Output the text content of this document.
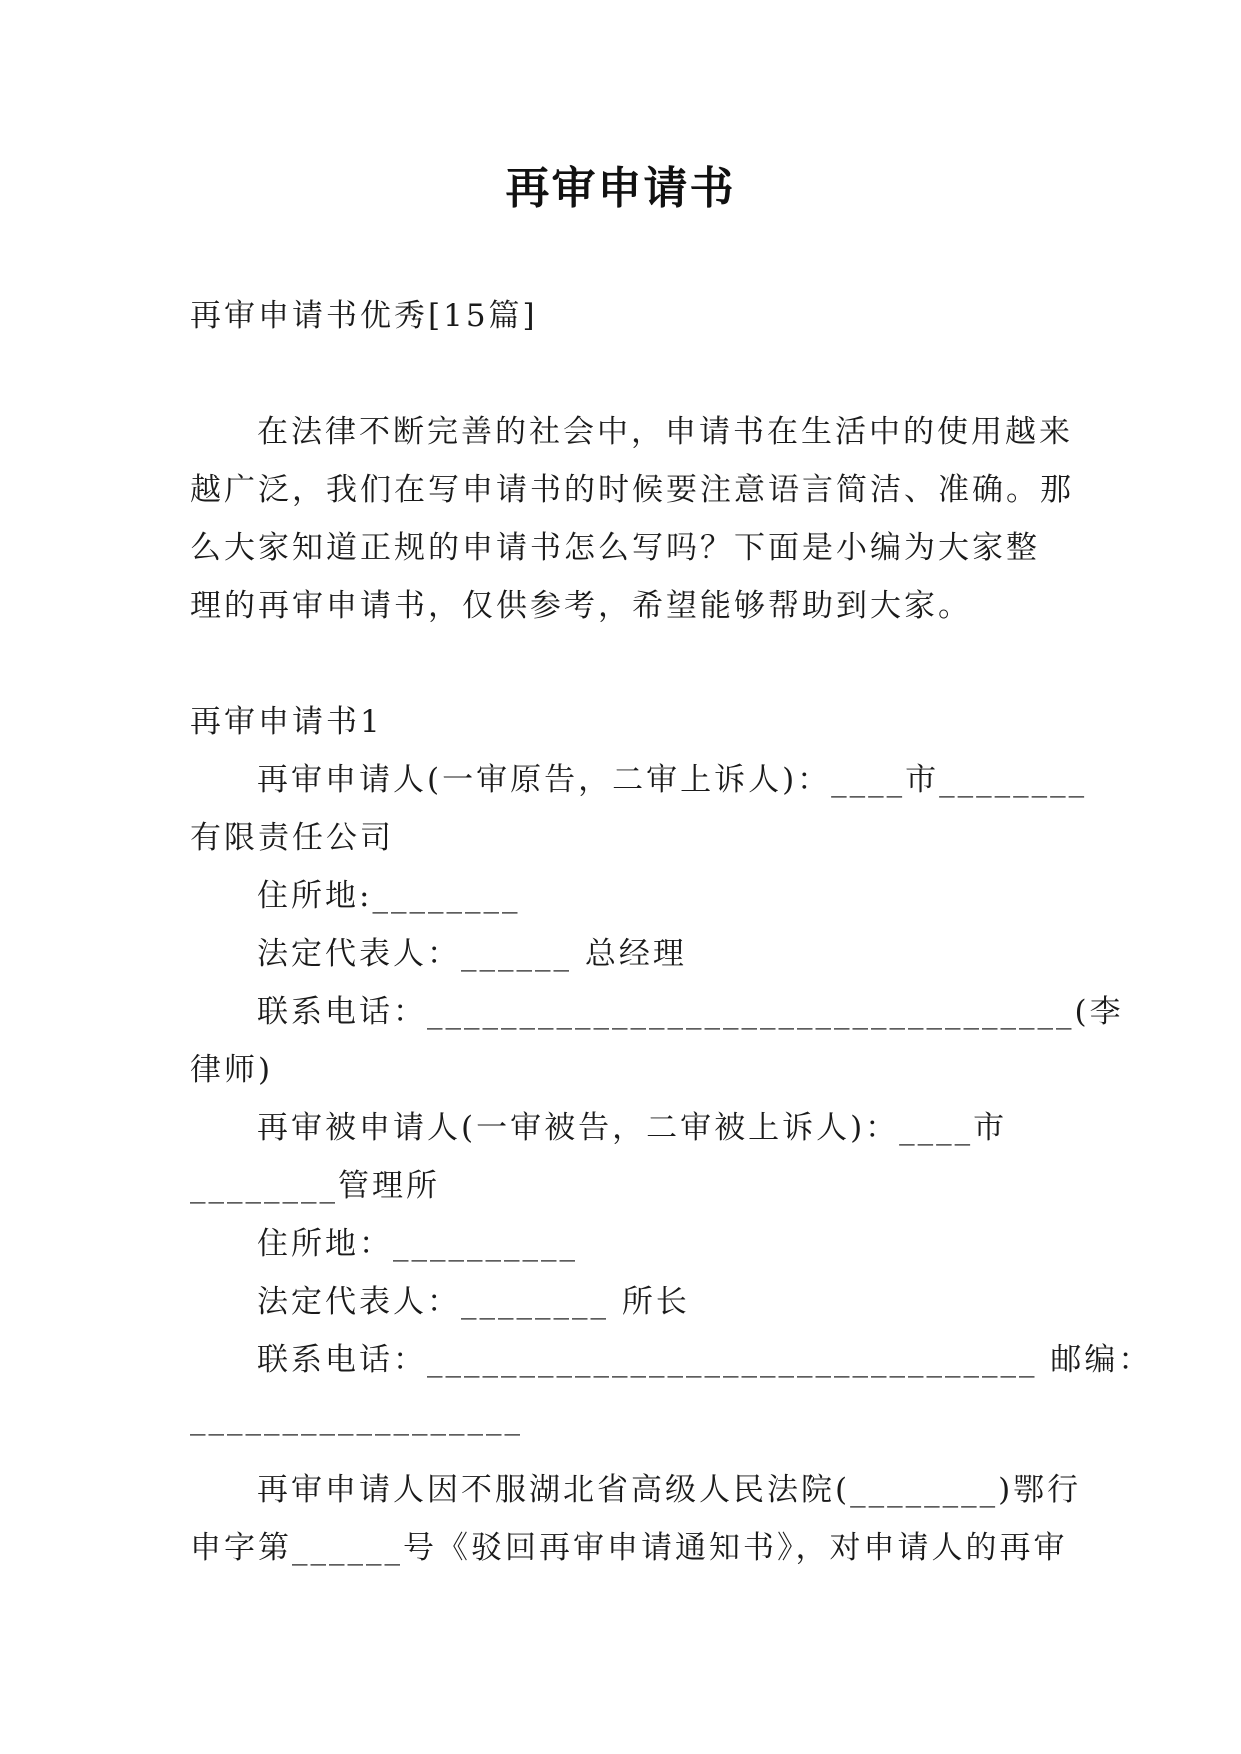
再审申请书
再审申请书优秀[15篇]
在法律不断完善的社会中，申请书在生活中的使用越来
越广泛，我们在写申请书的时候要注意语言简洁、准确。那
么大家知道正规的申请书怎么写吗？下面是小编为大家整
理的再审申请书，仅供参考，希望能够帮助到大家。
再审申请书1
再审申请人(一审原告，二审上诉人)：____市________
有限责任公司
住所地:________
法定代表人：______ 总经理
联系电话：___________________________________(李
律师)
再审被申请人(一审被告，二审被上诉人)：____市
________管理所
住所地：__________
法定代表人：________ 所长
联系电话：_________________________________ 邮编：
__________________
再审申请人因不服湖北省高级人民法院(________)鄂行
申字第______号《驳回再审申请通知书》，对申请人的再审
